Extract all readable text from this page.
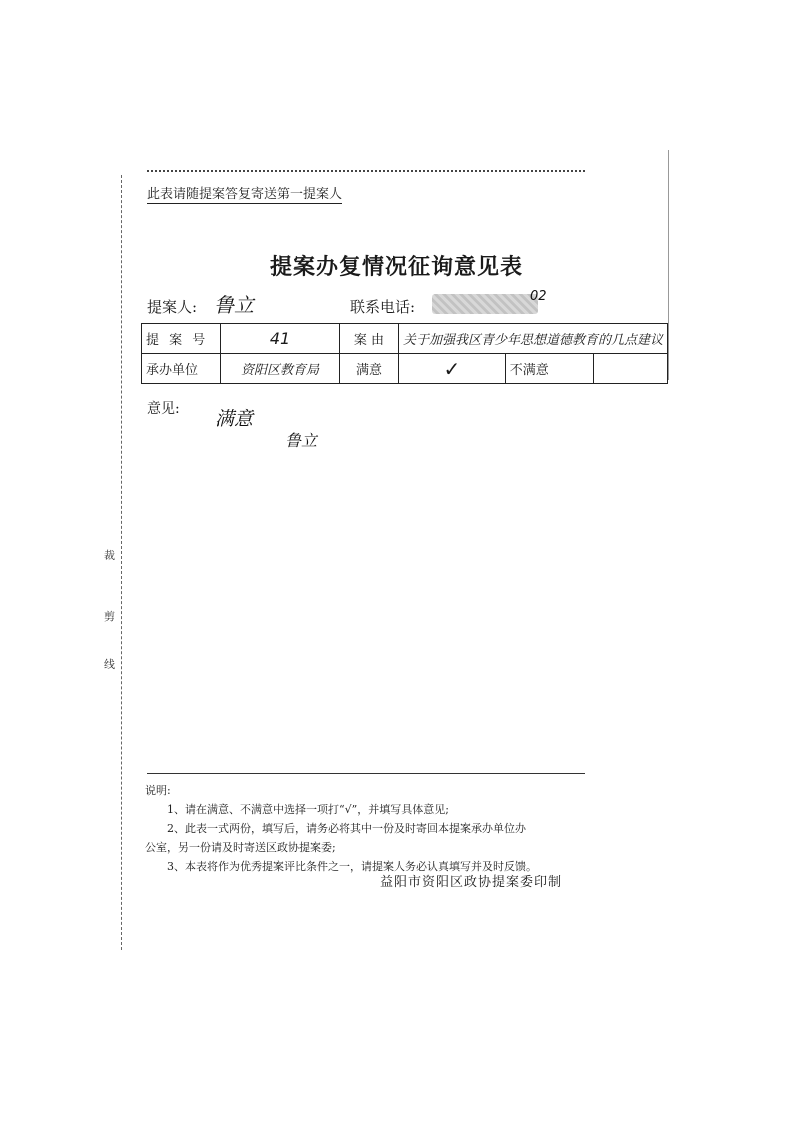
裁
剪
线
此表请随提案答复寄送第一提案人
提案办复情况征询意见表
提案人: 鲁立	联系电话:
02
提 案 号	41	案 由	关于加强我区青少年思想道德教育的几点建议		
承办单位	资阳区教育局	满意	✓	不满意	
意见: 满意
鲁立
说明:
1、请在满意、不满意中选择一项打“√”，并填写具体意见;
2、此表一式两份，填写后，请务必将其中一份及时寄回本提案承办单位办
公室，另一份请及时寄送区政协提案委;
3、本表将作为优秀提案评比条件之一，请提案人务必认真填写并及时反馈。
益阳市资阳区政协提案委印制
